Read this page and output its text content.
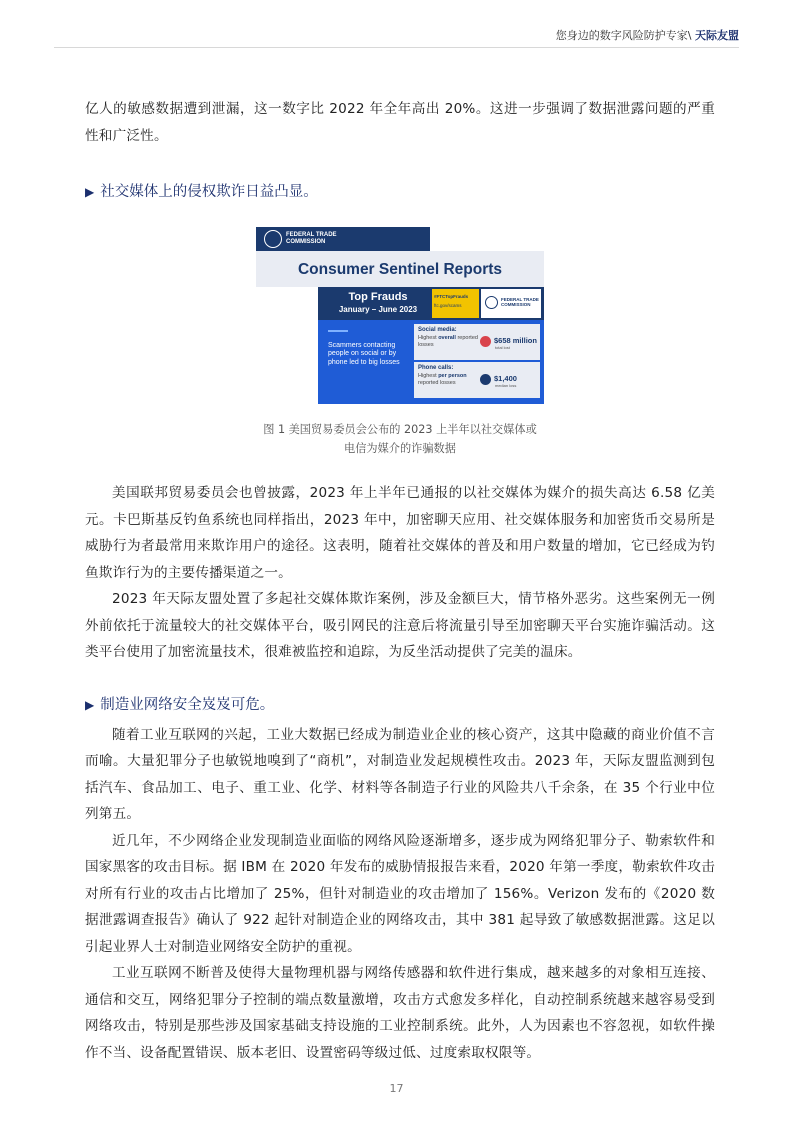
您身边的数字风险防护专家\ 天际友盟

亿人的敏感数据遭到泄漏，这一数字比 2022 年全年高出 20%。这进一步强调了数据泄露问题的严重性和广泛性。

▶ 社交媒体上的侵权欺诈日益凸显。
FEDERAL TRADE
COMMISSION
Consumer Sentinel Reports
Top Frauds
January – June 2023
#FTCTopFrauds
ftc.gov/scams
FEDERAL TRADE
COMMISSION
Scammers contacting people on social or by phone led to big losses
Social media:
Highest overall reported losses	$658 million
total lost
Phone calls:
Highest per person reported losses	$1,400
median loss
图 1 美国贸易委员会公布的 2023 上半年以社交媒体或
电信为媒介的诈骗数据

美国联邦贸易委员会也曾披露，2023 年上半年已通报的以社交媒体为媒介的损失高达 6.58 亿美元。卡巴斯基反钓鱼系统也同样指出，2023 年中，加密聊天应用、社交媒体服务和加密货币交易所是威胁行为者最常用来欺诈用户的途径。这表明，随着社交媒体的普及和用户数量的增加，它已经成为钓鱼欺诈行为的主要传播渠道之一。

2023 年天际友盟处置了多起社交媒体欺诈案例，涉及金额巨大，情节格外恶劣。这些案例无一例外前依托于流量较大的社交媒体平台，吸引网民的注意后将流量引导至加密聊天平台实施诈骗活动。这类平台使用了加密流量技术，很难被监控和追踪，为反坐活动提供了完美的温床。

▶ 制造业网络安全岌岌可危。

随着工业互联网的兴起，工业大数据已经成为制造业企业的核心资产，这其中隐藏的商业价值不言而喻。大量犯罪分子也敏锐地嗅到了“商机”，对制造业发起规模性攻击。2023 年，天际友盟监测到包括汽车、食品加工、电子、重工业、化学、材料等各制造子行业的风险共八千余条，在 35 个行业中位列第五。

近几年，不少网络企业发现制造业面临的网络风险逐渐增多，逐步成为网络犯罪分子、勒索软件和国家黑客的攻击目标。据 IBM 在 2020 年发布的威胁情报报告来看，2020 年第一季度，勒索软件攻击对所有行业的攻击占比增加了 25%，但针对制造业的攻击增加了 156%。Verizon 发布的《2020 数据泄露调查报告》确认了 922 起针对制造企业的网络攻击，其中 381 起导致了敏感数据泄露。这足以引起业界人士对制造业网络安全防护的重视。

工业互联网不断普及使得大量物理机器与网络传感器和软件进行集成，越来越多的对象相互连接、通信和交互，网络犯罪分子控制的端点数量激增，攻击方式愈发多样化，自动控制系统越来越容易受到网络攻击，特别是那些涉及国家基础支持设施的工业控制系统。此外，人为因素也不容忽视，如软件操作不当、设备配置错误、版本老旧、设置密码等级过低、过度索取权限等。

17
